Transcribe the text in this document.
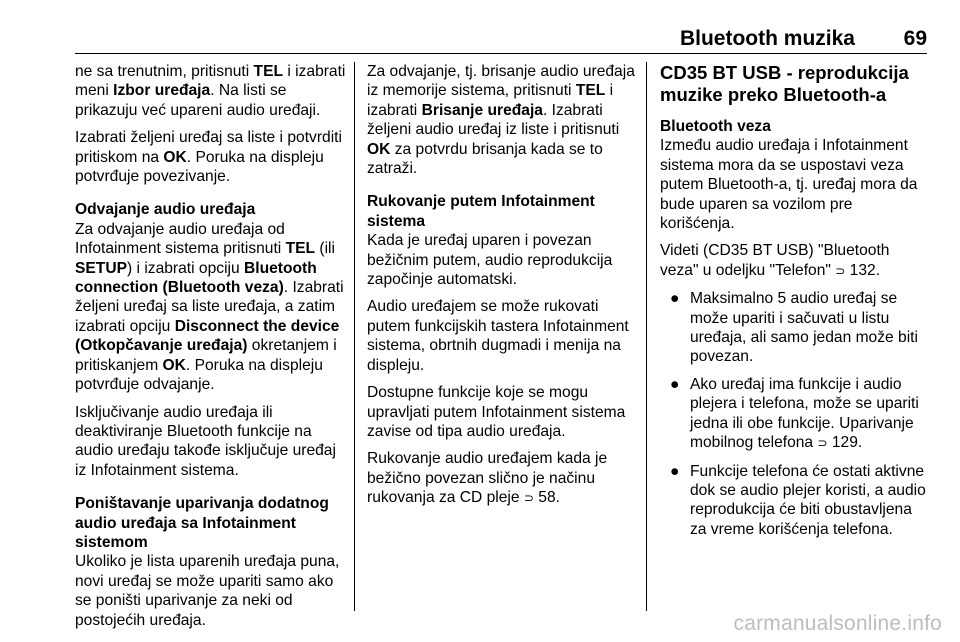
Bluetooth muzika 69

ne sa trenutnim, pritisnuti TEL i izabrati meni Izbor uređaja. Na listi se prikazuju već upareni audio uređaji.

Izabrati željeni uređaj sa liste i potvrditi pritiskom na OK. Poruka na displeju potvrđuje povezivanje.

Odvajanje audio uređaja

Za odvajanje audio uređaja od Infotainment sistema pritisnuti TEL (ili SETUP) i izabrati opciju Bluetooth connection (Bluetooth veza). Izabrati željeni uređaj sa liste uređaja, a zatim izabrati opciju Disconnect the device (Otkopčavanje uređaja) okretanjem i pritiskanjem OK. Poruka na displeju potvrđuje odvajanje.

Isključivanje audio uređaja ili deaktiviranje Bluetooth funkcije na audio uređaju takođe isključuje uređaj iz Infotainment sistema.

Poništavanje uparivanja dodatnog audio uređaja sa Infotainment sistemom

Ukoliko je lista uparenih uređaja puna, novi uređaj se može upariti samo ako se poništi uparivanje za neki od postojećih uređaja.

Za odvajanje, tj. brisanje audio uređaja iz memorije sistema, pritisnuti TEL i izabrati Brisanje uređaja. Izabrati željeni audio uređaj iz liste i pritisnuti OK za potvrdu brisanja kada se to zatraži.

Rukovanje putem Infotainment sistema

Kada je uređaj uparen i povezan bežičnim putem, audio reprodukcija započinje automatski.

Audio uređajem se može rukovati putem funkcijskih tastera Infotainment sistema, obrtnih dugmadi i menija na displeju.

Dostupne funkcije koje se mogu upravljati putem Infotainment sistema zavise od tipa audio uređaja.

Rukovanje audio uređajem kada je bežično povezan slično je načinu rukovanja za CD pleje ⊃ 58.

CD35 BT USB - reprodukcija muzike preko Bluetooth-a
Bluetooth veza

Između audio uređaja i Infotainment sistema mora da se uspostavi veza putem Bluetooth-a, tj. uređaj mora da bude uparen sa vozilom pre korišćenja.

Videti (CD35 BT USB) "Bluetooth veza" u odeljku "Telefon" ⊃ 132.

● Maksimalno 5 audio uređaj se može upariti i sačuvati u listu uređaja, ali samo jedan može biti povezan.
● Ako uređaj ima funkcije i audio plejera i telefona, može se upariti jedna ili obe funkcije. Uparivanje mobilnog telefona ⊃ 129.
● Funkcije telefona će ostati aktivne dok se audio plejer koristi, a audio reprodukcija će biti obustavljena za vreme korišćenja telefona.
carmanualsonline.info
